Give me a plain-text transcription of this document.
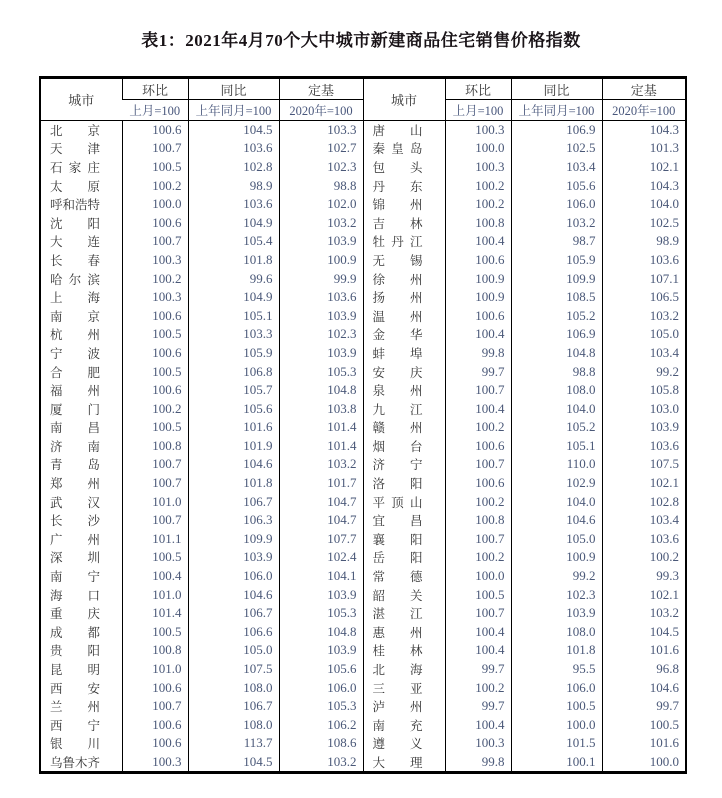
表1：2021年4月70个大中城市新建商品住宅销售价格指数
城市	环比	同比	定基	城市	环比	同比	定基
	上月=100	上年同月=100	2020年=100		上月=100	上年同月=100	2020年=100

北 京	100.6	104.5	103.3	唐 山	100.3	106.9	104.3

天 津	100.7	103.6	102.7	秦 皇 岛	100.0	102.5	101.3

石 家 庄	100.5	102.8	102.3	包 头	100.3	103.4	102.1

太 原	100.2	98.9	98.8	丹 东	100.2	105.6	104.3

呼 和 浩 特	100.0	103.6	102.0	锦 州	100.2	106.0	104.0

沈 阳	100.6	104.9	103.2	吉 林	100.8	103.2	102.5

大 连	100.7	105.4	103.9	牡 丹 江	100.4	98.7	98.9

长 春	100.3	101.8	100.9	无 锡	100.6	105.9	103.6

哈 尔 滨	100.2	99.6	99.9	徐 州	100.9	109.9	107.1

上 海	100.3	104.9	103.6	扬 州	100.9	108.5	106.5

南 京	100.6	105.1	103.9	温 州	100.6	105.2	103.2

杭 州	100.5	103.3	102.3	金 华	100.4	106.9	105.0

宁 波	100.6	105.9	103.9	蚌 埠	99.8	104.8	103.4

合 肥	100.5	106.8	105.3	安 庆	99.7	98.8	99.2

福 州	100.6	105.7	104.8	泉 州	100.7	108.0	105.8

厦 门	100.2	105.6	103.8	九 江	100.4	104.0	103.0

南 昌	100.5	101.6	101.4	赣 州	100.2	105.2	103.9

济 南	100.8	101.9	101.4	烟 台	100.6	105.1	103.6

青 岛	100.7	104.6	103.2	济 宁	100.7	110.0	107.5

郑 州	100.7	101.8	101.7	洛 阳	100.6	102.9	102.1

武 汉	101.0	106.7	104.7	平 顶 山	100.2	104.0	102.8

长 沙	100.7	106.3	104.7	宜 昌	100.8	104.6	103.4

广 州	101.1	109.9	107.7	襄 阳	100.7	105.0	103.6

深 圳	100.5	103.9	102.4	岳 阳	100.2	100.9	100.2

南 宁	100.4	106.0	104.1	常 德	100.0	99.2	99.3

海 口	101.0	104.6	103.9	韶 关	100.5	102.3	102.1

重 庆	101.4	106.7	105.3	湛 江	100.7	103.9	103.2

成 都	100.5	106.6	104.8	惠 州	100.4	108.0	104.5

贵 阳	100.8	105.0	103.9	桂 林	100.4	101.8	101.6

昆 明	101.0	107.5	105.6	北 海	99.7	95.5	96.8

西 安	100.6	108.0	106.0	三 亚	100.2	106.0	104.6

兰 州	100.7	106.7	105.3	泸 州	99.7	100.5	99.7

西 宁	100.6	108.0	106.2	南 充	100.4	100.0	100.5

银 川	100.6	113.7	108.6	遵 义	100.3	101.5	101.6

乌 鲁 木 齐	100.3	104.5	103.2	大 理	99.8	100.1	100.0
